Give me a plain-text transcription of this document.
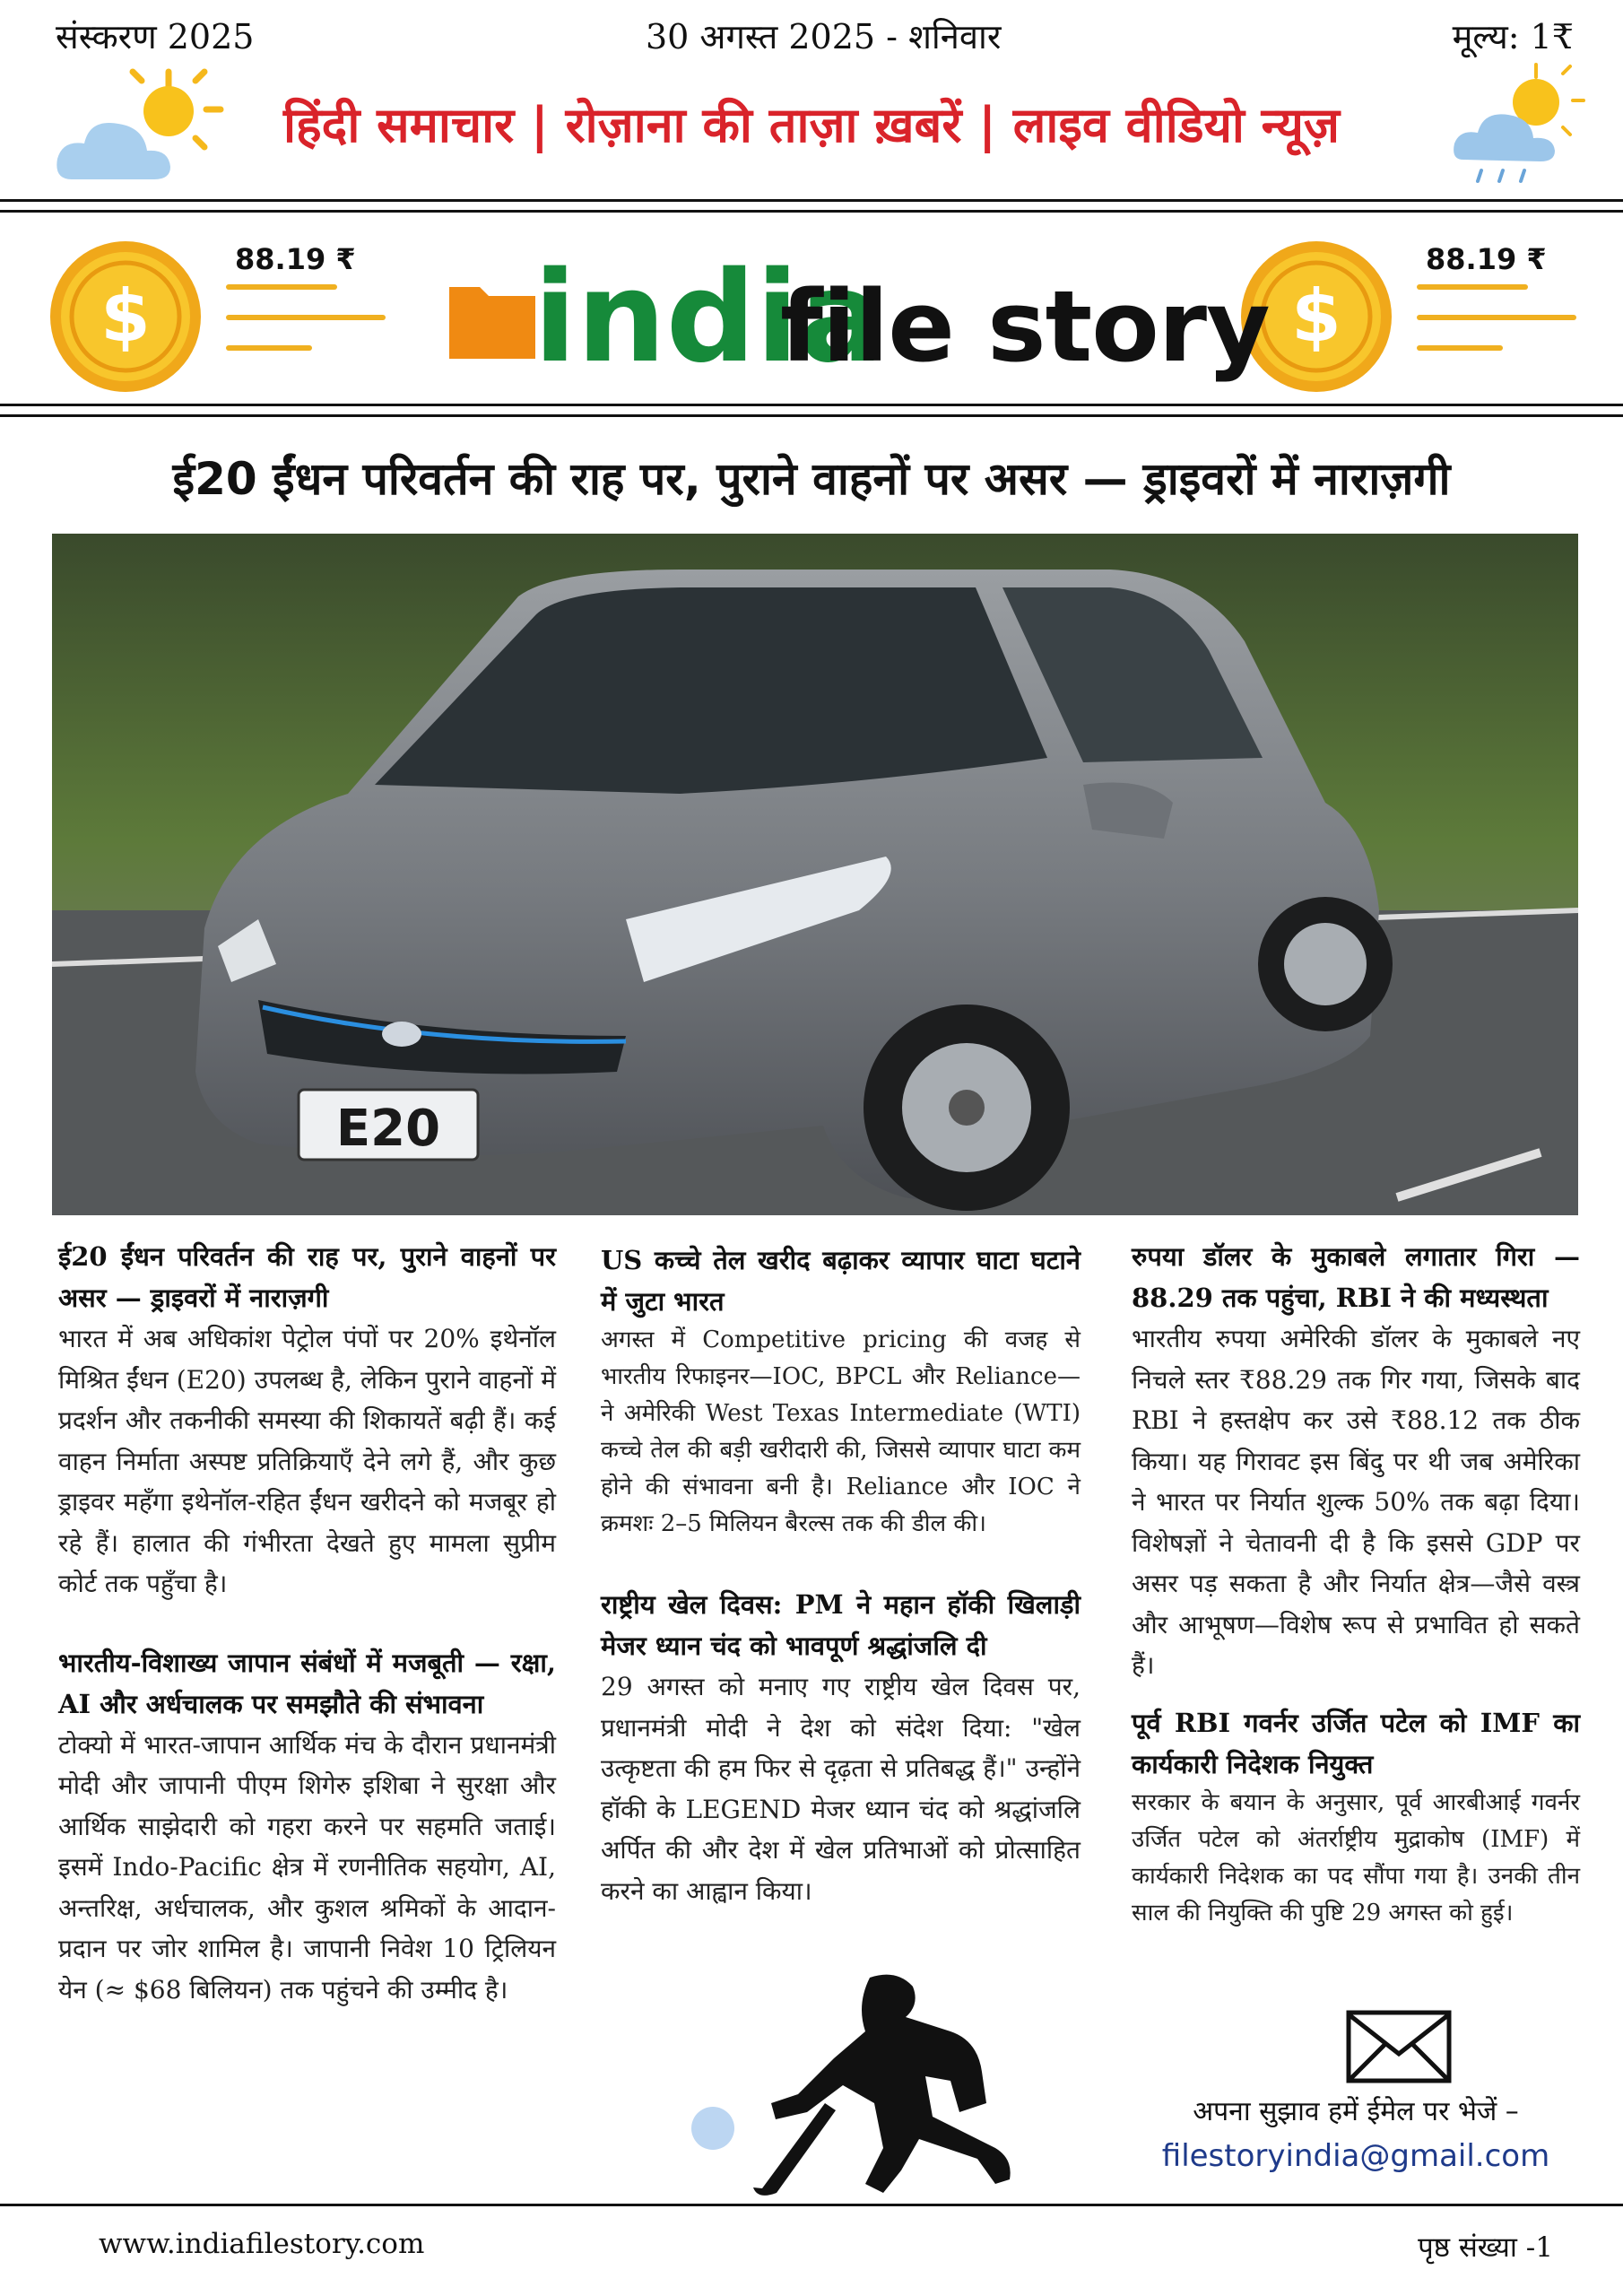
संस्करण 2025	30 अगस्त 2025 - शनिवार	मूल्य: 1₹
हिंदी समाचार | रोज़ाना की ताज़ा ख़बरें | लाइव वीडियो न्यूज़
$
88.19 ₹
$
88.19 ₹
india
file story
ई20 ईंधन परिवर्तन की राह पर, पुराने वाहनों पर असर — ड्राइवरों में नाराज़गी
E20

ई20 ईंधन परिवर्तन की राह पर, पुराने वाहनों पर असर — ड्राइवरों में नाराज़गी

भारत में अब अधिकांश पेट्रोल पंपों पर 20% इथेनॉल मिश्रित ईंधन (E20) उपलब्ध है, लेकिन पुराने वाहनों में प्रदर्शन और तकनीकी समस्या की शिकायतें बढ़ी हैं। कई वाहन निर्माता अस्पष्ट प्रतिक्रियाएँ देने लगे हैं, और कुछ ड्राइवर महँगा इथेनॉल-रहित ईंधन खरीदने को मजबूर हो रहे हैं। हालात की गंभीरता देखते हुए मामला सुप्रीम कोर्ट तक पहुँचा है।

भारतीय-विशाख्य जापान संबंधों में मजबूती — रक्षा, AI और अर्धचालक पर समझौते की संभावना

टोक्यो में भारत-जापान आर्थिक मंच के दौरान प्रधानमंत्री मोदी और जापानी पीएम शिगेरु इशिबा ने सुरक्षा और आर्थिक साझेदारी को गहरा करने पर सहमति जताई। इसमें Indo-Pacific क्षेत्र में रणनीतिक सहयोग, AI, अन्तरिक्ष, अर्धचालक, और कुशल श्रमिकों के आदान-प्रदान पर जोर शामिल है। जापानी निवेश 10 ट्रिलियन येन (≈ $68 बिलियन) तक पहुंचने की उम्मीद है।

US कच्चे तेल खरीद बढ़ाकर व्यापार घाटा घटाने में जुटा भारत

अगस्त में Competitive pricing की वजह से भारतीय रिफाइनर—IOC, BPCL और Reliance—ने अमेरिकी West Texas Intermediate (WTI) कच्चे तेल की बड़ी खरीदारी की, जिससे व्यापार घाटा कम होने की संभावना बनी है। Reliance और IOC ने क्रमशः 2–5 मिलियन बैरल्स तक की डील की।

राष्ट्रीय खेल दिवस: PM ने महान हॉकी खिलाड़ी मेजर ध्यान चंद को भावपूर्ण श्रद्धांजलि दी

29 अगस्त को मनाए गए राष्ट्रीय खेल दिवस पर, प्रधानमंत्री मोदी ने देश को संदेश दिया: "खेल उत्कृष्टता की हम फिर से दृढ़ता से प्रतिबद्ध हैं।" उन्होंने हॉकी के LEGEND मेजर ध्यान चंद को श्रद्धांजलि अर्पित की और देश में खेल प्रतिभाओं को प्रोत्साहित करने का आह्वान किया।

रुपया डॉलर के मुकाबले लगातार गिरा — 88.29 तक पहुंचा, RBI ने की मध्यस्थता

भारतीय रुपया अमेरिकी डॉलर के मुकाबले नए निचले स्तर ₹88.29 तक गिर गया, जिसके बाद RBI ने हस्तक्षेप कर उसे ₹88.12 तक ठीक किया। यह गिरावट इस बिंदु पर थी जब अमेरिका ने भारत पर निर्यात शुल्क 50% तक बढ़ा दिया। विशेषज्ञों ने चेतावनी दी है कि इससे GDP पर असर पड़ सकता है और निर्यात क्षेत्र—जैसे वस्त्र और आभूषण—विशेष रूप से प्रभावित हो सकते हैं।

पूर्व RBI गवर्नर उर्जित पटेल को IMF का कार्यकारी निदेशक नियुक्त

सरकार के बयान के अनुसार, पूर्व आरबीआई गवर्नर उर्जित पटेल को अंतर्राष्ट्रीय मुद्राकोष (IMF) में कार्यकारी निदेशक का पद सौंपा गया है। उनकी तीन साल की नियुक्ति की पुष्टि 29 अगस्त को हुई।

अपना सुझाव हमें ईमेल पर भेजें –
filestoryindia@gmail.com
www.indiafilestory.com	पृष्ठ संख्या -1
